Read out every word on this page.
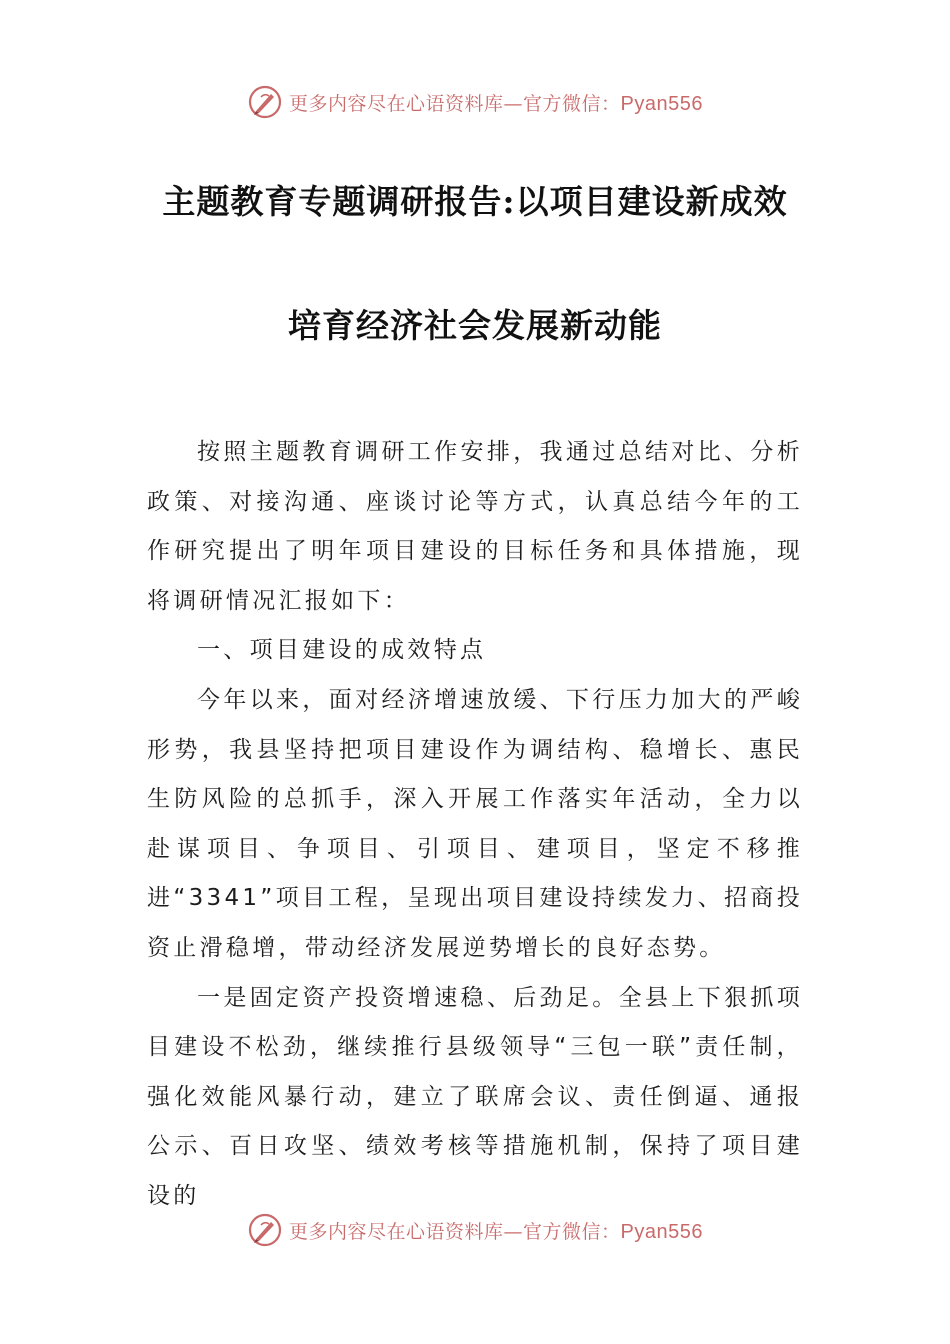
更多内容尽在心语资料库—官方微信：Pyan556
主题教育专题调研报告:以项目建设新成效
培育经济社会发展新动能

按照主题教育调研工作安排，我通过总结对比、分析政策、对接沟通、座谈讨论等方式，认真总结今年的工作研究提出了明年项目建设的目标任务和具体措施，现将调研情况汇报如下：

一、项目建设的成效特点

今年以来，面对经济增速放缓、下行压力加大的严峻形势，我县坚持把项目建设作为调结构、稳增长、惠民生防风险的总抓手，深入开展工作落实年活动，全力以赴谋项目、争项目、引项目、建项目，坚定不移推进“3341”项目工程，呈现出项目建设持续发力、招商投资止滑稳增，带动经济发展逆势增长的良好态势。

一是固定资产投资增速稳、后劲足。全县上下狠抓项目建设不松劲，继续推行县级领导“三包一联”责任制，强化效能风暴行动，建立了联席会议、责任倒逼、通报公示、百日攻坚、绩效考核等措施机制，保持了项目建设的

更多内容尽在心语资料库—官方微信：Pyan556
